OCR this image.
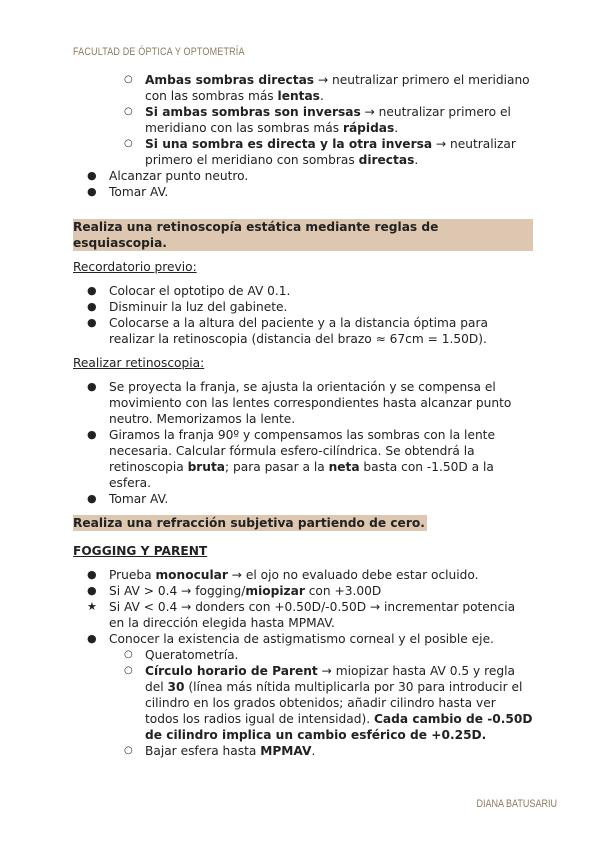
FACULTAD DE ÓPTICA Y OPTOMETRÍA
○ Ambas sombras directas → neutralizar primero el meridiano con las sombras más lentas.
○ Si ambas sombras son inversas → neutralizar primero el meridiano con las sombras más rápidas.
○ Si una sombra es directa y la otra inversa → neutralizar primero el meridiano con sombras directas.
● Alcanzar punto neutro.
● Tomar AV.
Realiza una retinoscopía estática mediante reglas de esquiascopia.
Recordatorio previo:
● Colocar el optotipo de AV 0.1.
● Disminuir la luz del gabinete.
● Colocarse a la altura del paciente y a la distancia óptima para realizar la retinoscopia (distancia del brazo ≈ 67cm = 1.50D).
Realizar retinoscopia:
● Se proyecta la franja, se ajusta la orientación y se compensa el movimiento con las lentes correspondientes hasta alcanzar punto neutro. Memorizamos la lente.
● Giramos la franja 90º y compensamos las sombras con la lente necesaria. Calcular fórmula esfero-cilíndrica. Se obtendrá la retinoscopia bruta; para pasar a la neta basta con -1.50D a la esfera.
● Tomar AV.
Realiza una refracción subjetiva partiendo de cero.
FOGGING Y PARENT
● Prueba monocular → el ojo no evaluado debe estar ocluido.
● Si AV > 0.4 → fogging/miopizar con +3.00D
★ Si AV < 0.4 → donders con +0.50D/-0.50D → incrementar potencia en la dirección elegida hasta MPMAV.
● Conocer la existencia de astigmatismo corneal y el posible eje.
○ Queratometría.
○ Círculo horario de Parent → miopizar hasta AV 0.5 y regla del 30 (línea más nítida multiplicarla por 30 para introducir el cilindro en los grados obtenidos; añadir cilindro hasta ver todos los radios igual de intensidad). Cada cambio de -0.50D de cilindro implica un cambio esférico de +0.25D.
○ Bajar esfera hasta MPMAV.
DIANA BATUSARIU
